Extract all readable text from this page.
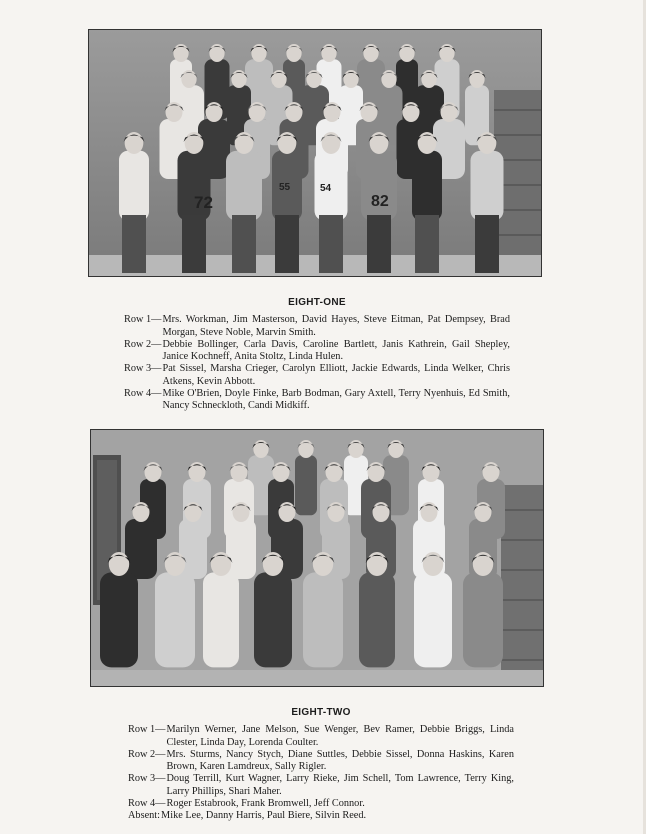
72
55	54
82
EIGHT-ONE
Row 1— Mrs. Workman, Jim Masterson, David Hayes, Steve Eitman, Pat Dempsey, Brad Morgan, Steve Noble, Marvin Smith.
Row 2— Debbie Bollinger, Carla Davis, Caroline Bartlett, Janis Kathrein, Gail Shepley, Janice Kochneff, Anita Stoltz, Linda Hulen.
Row 3— Pat Sissel, Marsha Crieger, Carolyn Elliott, Jackie Edwards, Linda Welker, Chris Atkens, Kevin Abbott.
Row 4— Mike O'Brien, Doyle Finke, Barb Bodman, Gary Axtell, Terry Nyenhuis, Ed Smith, Nancy Schneckloth, Candi Midkiff.
EIGHT-TWO
Row 1— Marilyn Werner, Jane Melson, Sue Wenger, Bev Ramer, Debbie Briggs, Linda Clester, Linda Day, Lorenda Coulter.
Row 2— Mrs. Sturms, Nancy Stych, Diane Suttles, Debbie Sissel, Donna Haskins, Karen Brown, Karen Lamdreux, Sally Rigler.
Row 3— Doug Terrill, Kurt Wagner, Larry Rieke, Jim Schell, Tom Lawrence, Terry King, Larry Phillips, Shari Maher.
Row 4— Roger Estabrook, Frank Bromwell, Jeff Connor.
Absent: Mike Lee, Danny Harris, Paul Biere, Silvin Reed.
